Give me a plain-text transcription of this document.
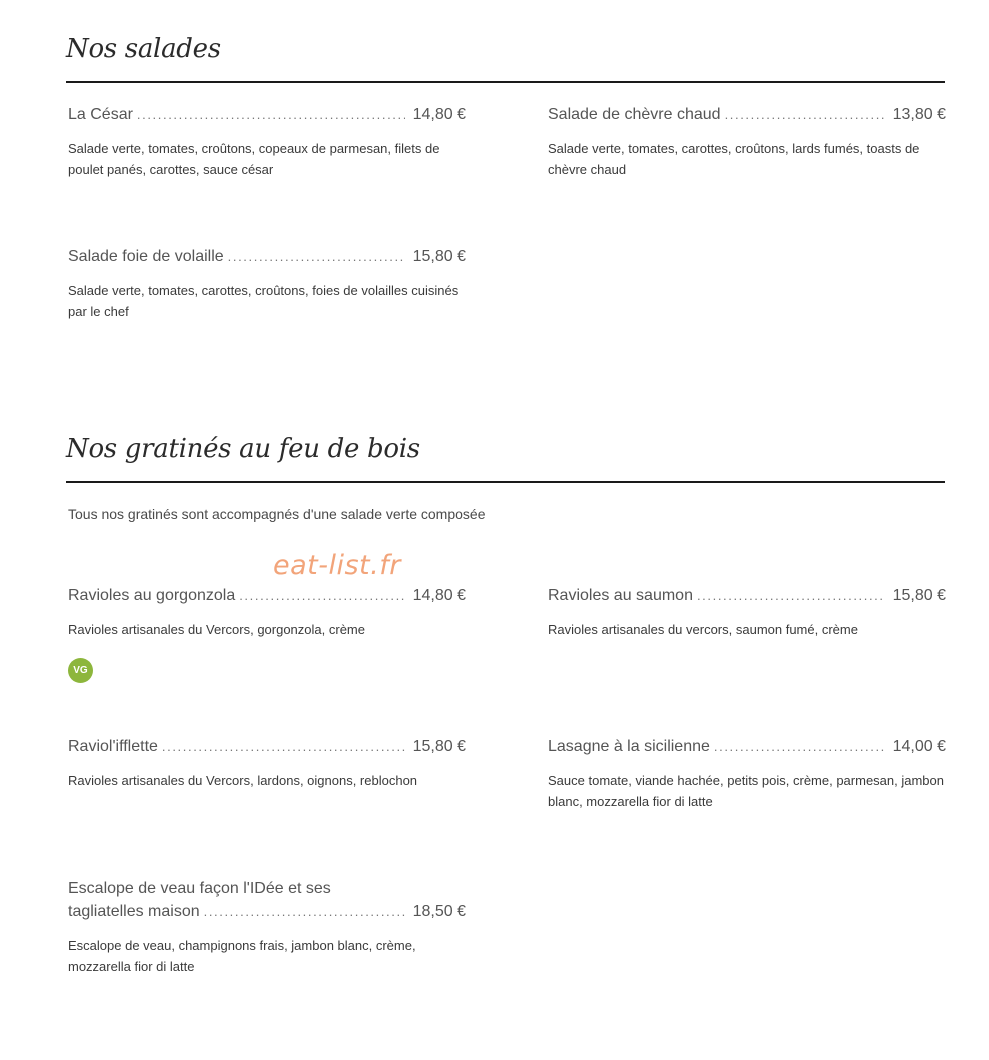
Nos salades
La César .....	14,80 €
Salade verte, tomates, croûtons, copeaux de parmesan, filets de poulet panés, carottes, sauce césar
Salade de chèvre chaud .....	13,80 €
Salade verte, tomates, carottes, croûtons, lards fumés, toasts de chèvre chaud
Salade foie de volaille .....	15,80 €
Salade verte, tomates, carottes, croûtons, foies de volailles cuisinés par le chef
Nos gratinés au feu de bois
Tous nos gratinés sont accompagnés d'une salade verte composée
eat-list.fr
Ravioles au gorgonzola .....	14,80 €
Ravioles artisanales du Vercors, gorgonzola, crème
VG
Ravioles au saumon .....	15,80 €
Ravioles artisanales du vercors, saumon fumé, crème
Raviol'ifflette .....	15,80 €
Ravioles artisanales du Vercors, lardons, oignons, reblochon
Lasagne à la sicilienne .....	14,00 €
Sauce tomate, viande hachée, petits pois, crème, parmesan, jambon blanc, mozzarella fior di latte
Escalope de veau façon l'IDée et ses
tagliatelles maison .....	18,50 €
Escalope de veau, champignons frais, jambon blanc, crème, mozzarella fior di latte
